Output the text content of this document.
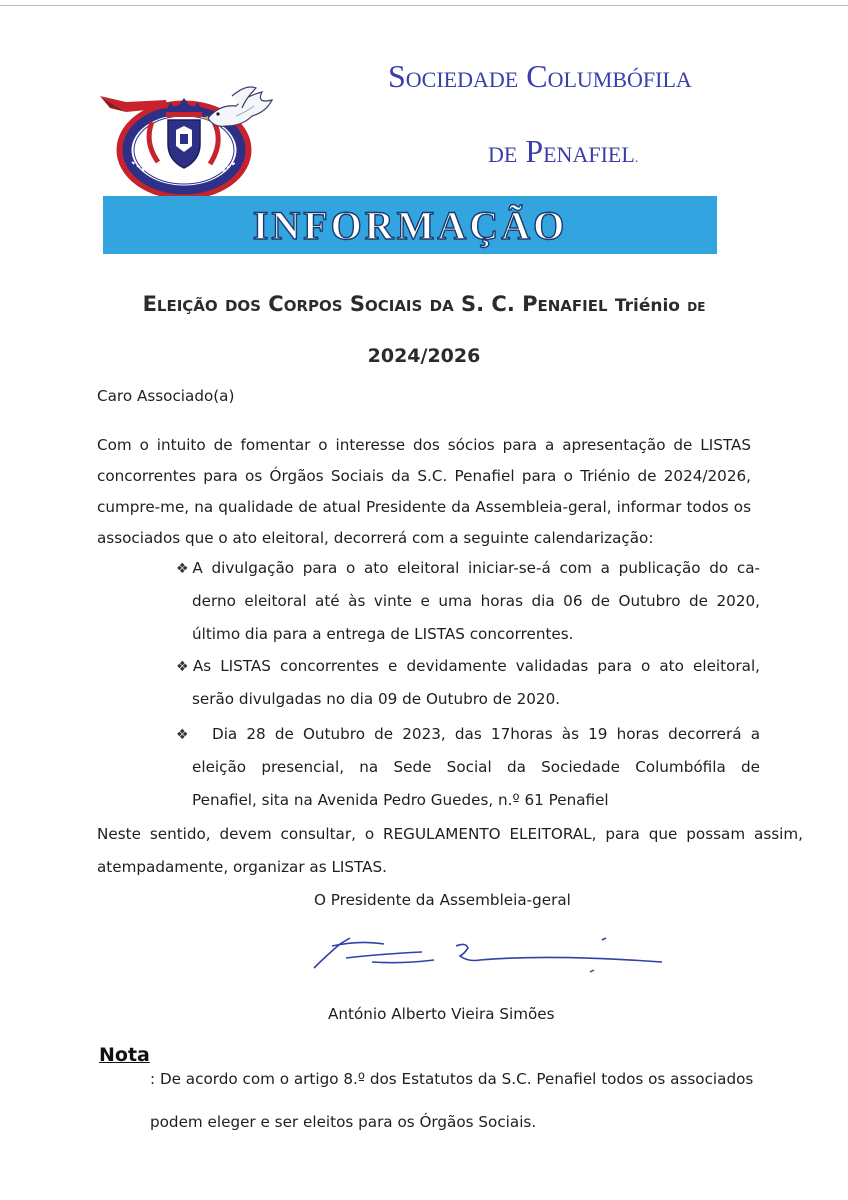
Sociedade Columbófila
de Penafiel.
INFORMAÇÃO
Eleição dos Corpos Sociais da S. C. Penafiel Triénio de
2024/2026
Caro Associado(a)
Com o intuito de fomentar o interesse dos sócios para a apresentação de LISTAS
concorrentes para os Órgãos Sociais da S.C. Penafiel para o Triénio de 2024/2026,
cumpre-me, na qualidade de atual Presidente da Assembleia-geral, informar todos os
associados que o ato eleitoral, decorrerá com a seguinte calendarização:
❖A divulgação para o ato eleitoral iniciar-se-á com a publicação do ca-
derno eleitoral até às vinte e uma horas dia 06 de Outubro de 2020,
último dia para a entrega de LISTAS concorrentes.
❖As LISTAS concorrentes e devidamente validadas para o ato eleitoral,
serão divulgadas no dia 09 de Outubro de 2020.
❖ Dia 28 de Outubro de 2023, das 17horas às 19 horas decorrerá a
eleição presencial, na Sede Social da Sociedade Columbófila de
Penafiel, sita na Avenida Pedro Guedes, n.º 61 Penafiel
Neste sentido, devem consultar, o REGULAMENTO ELEITORAL, para que possam assim,
atempadamente, organizar as LISTAS.
O Presidente da Assembleia-geral
António Alberto Vieira Simões
Nota
: De acordo com o artigo 8.º dos Estatutos da S.C. Penafiel todos os associados
podem eleger e ser eleitos para os Órgãos Sociais.
